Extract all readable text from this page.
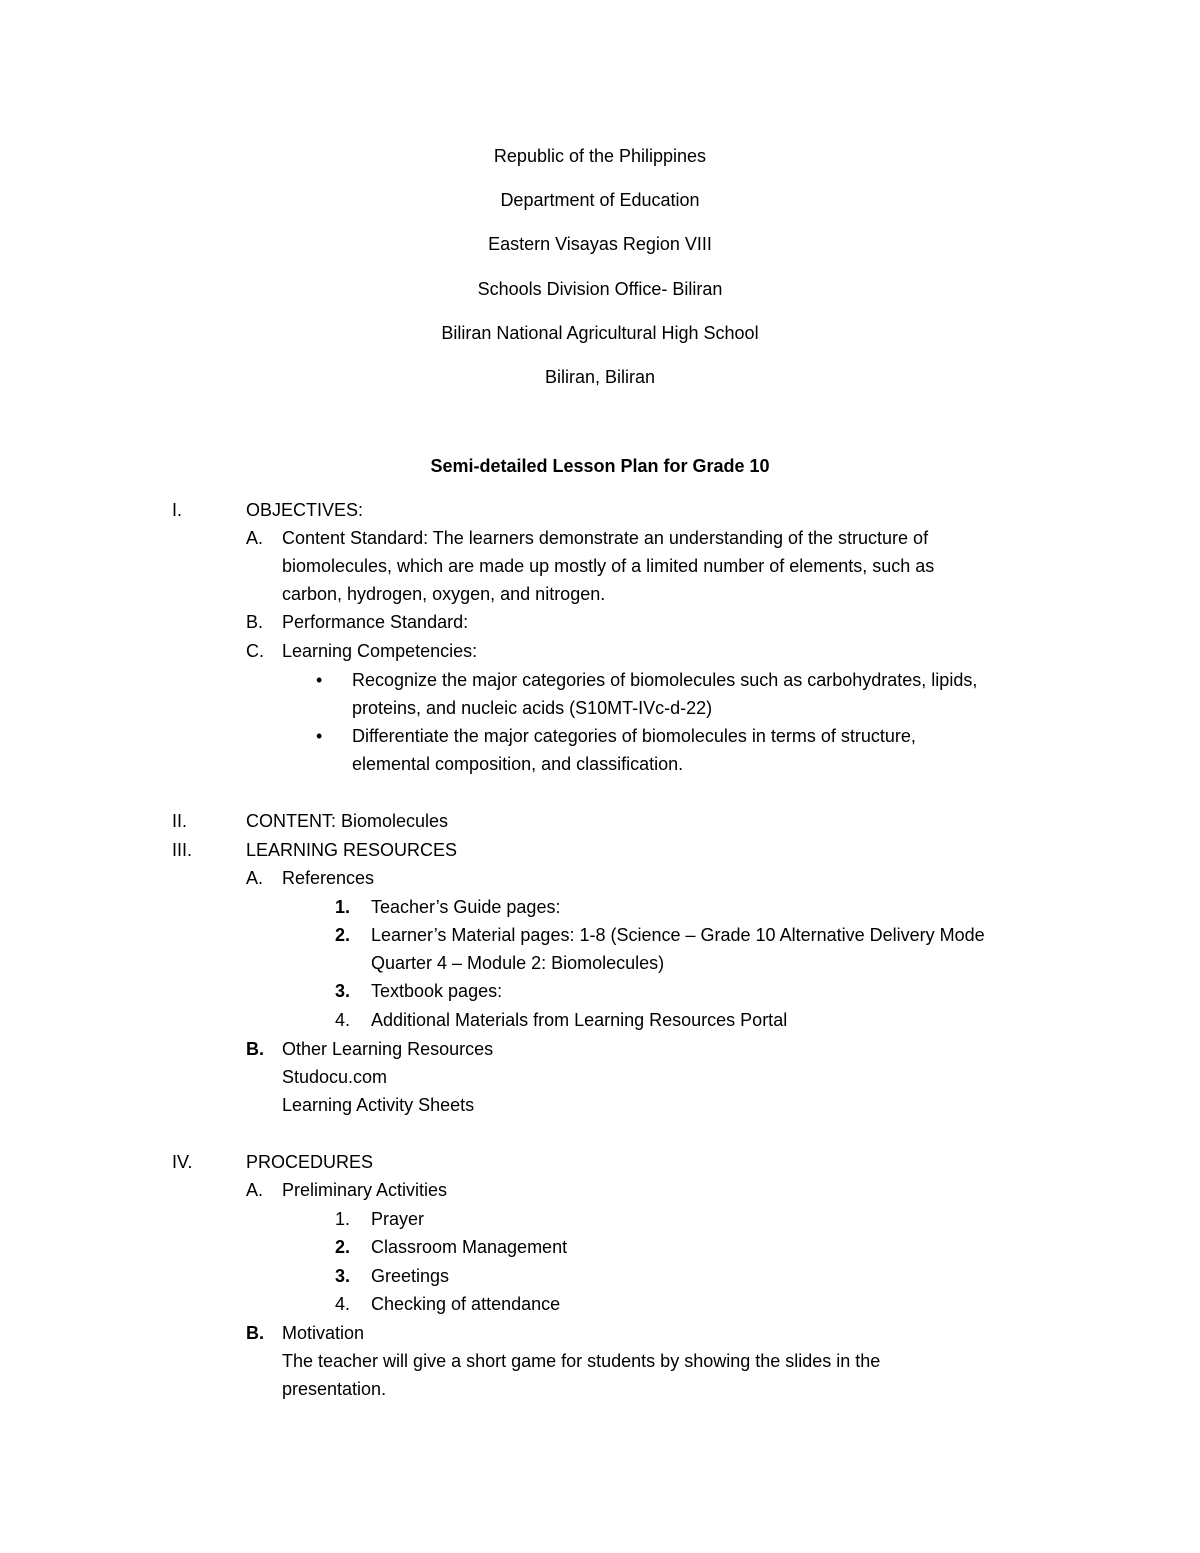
Republic of the Philippines
Department of Education
Eastern Visayas Region VIII
Schools Division Office- Biliran
Biliran National Agricultural High School
Biliran, Biliran
Semi-detailed Lesson Plan for Grade 10
I.	OBJECTIVES:
A. Content Standard: The learners demonstrate an understanding of the structure of
biomolecules, which are made up mostly of a limited number of elements, such as
carbon, hydrogen, oxygen, and nitrogen.
B. Performance Standard:
C. Learning Competencies:
• Recognize the major categories of biomolecules such as carbohydrates, lipids,
proteins, and nucleic acids (S10MT-IVc-d-22)
• Differentiate the major categories of biomolecules in terms of structure,
elemental composition, and classification.
II.	CONTENT: Biomolecules
III.	LEARNING RESOURCES
A. References
1. Teacher’s Guide pages:
2. Learner’s Material pages: 1-8 (Science – Grade 10 Alternative Delivery Mode
Quarter 4 – Module 2: Biomolecules)
3. Textbook pages:
4. Additional Materials from Learning Resources Portal
B. Other Learning Resources
Studocu.com
Learning Activity Sheets
IV.	PROCEDURES
A. Preliminary Activities
1. Prayer
2. Classroom Management
3. Greetings
4. Checking of attendance
B. Motivation
The teacher will give a short game for students by showing the slides in the
presentation.
